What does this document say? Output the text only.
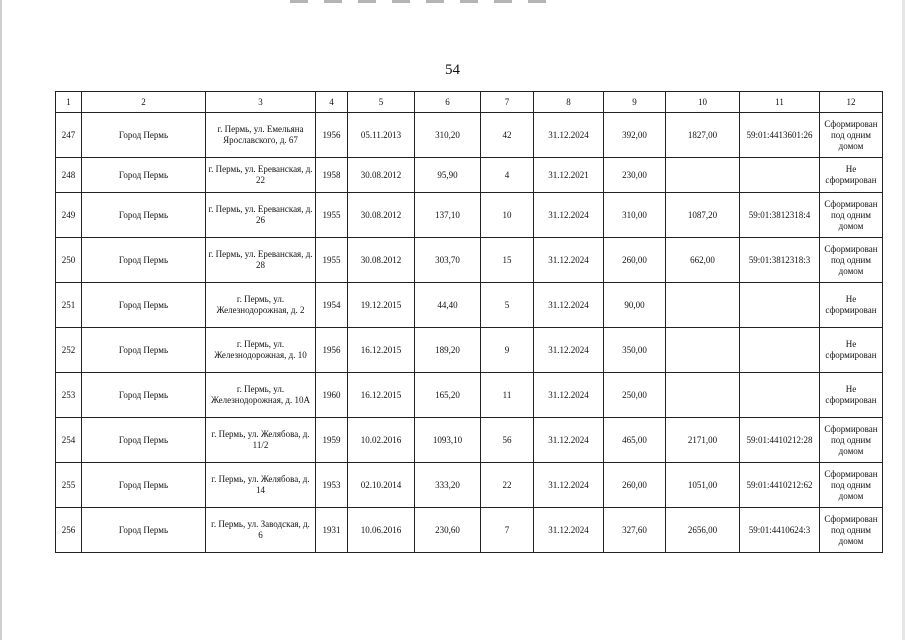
54
1	2	3	4	5	6	7	8	9	10	11	12
247	Город Пермь	г. Пермь, ул. Емельяна Ярославского, д. 67	1956	05.11.2013	310,20	42	31.12.2024	392,00	1827,00	59:01:4413601:26	Сформирован под одним домом
248	Город Пермь	г. Пермь, ул. Ереванская, д. 22	1958	30.08.2012	95,90	4	31.12.2021	230,00			Не сформирован
249	Город Пермь	г. Пермь, ул. Ереванская, д. 26	1955	30.08.2012	137,10	10	31.12.2024	310,00	1087,20	59:01:3812318:4	Сформирован под одним домом
250	Город Пермь	г. Пермь, ул. Ереванская, д. 28	1955	30.08.2012	303,70	15	31.12.2024	260,00	662,00	59:01:3812318:3	Сформирован под одним домом
251	Город Пермь	г. Пермь, ул. Железнодорожная, д. 2	1954	19.12.2015	44,40	5	31.12.2024	90,00			Не сформирован
252	Город Пермь	г. Пермь, ул. Железнодорожная, д. 10	1956	16.12.2015	189,20	9	31.12.2024	350,00			Не сформирован
253	Город Пермь	г. Пермь, ул. Железнодорожная, д. 10А	1960	16.12.2015	165,20	11	31.12.2024	250,00			Не сформирован
254	Город Пермь	г. Пермь, ул. Желябова, д. 11/2	1959	10.02.2016	1093,10	56	31.12.2024	465,00	2171,00	59:01:4410212:28	Сформирован под одним домом
255	Город Пермь	г. Пермь, ул. Желябова, д. 14	1953	02.10.2014	333,20	22	31.12.2024	260,00	1051,00	59:01:4410212:62	Сформирован под одним домом
256	Город Пермь	г. Пермь, ул. Заводская, д. 6	1931	10.06.2016	230,60	7	31.12.2024	327,60	2656,00	59:01:4410624:3	Сформирован под одним домом
